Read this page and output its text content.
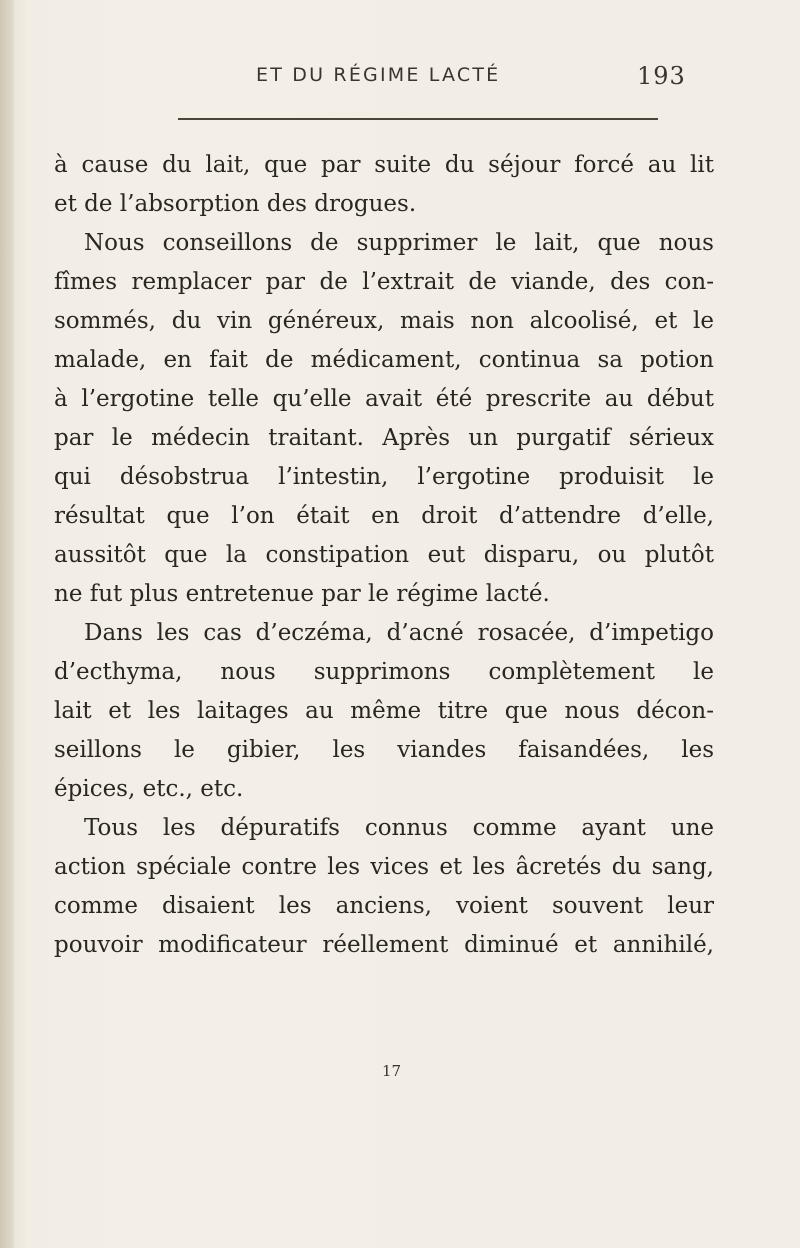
ET DU RÉGIME LACTÉ	193
à cause du lait, que par suite du séjour forcé au lit
et de l’absorption des drogues.
Nous conseillons de supprimer le lait, que nous
fîmes remplacer par de l’extrait de viande, des con-
sommés, du vin généreux, mais non alcoolisé, et le
malade, en fait de médicament, continua sa potion
à l’ergotine telle qu’elle avait été prescrite au début
par le médecin traitant. Après un purgatif sérieux
qui désobstrua l’intestin, l’ergotine produisit le
résultat que l’on était en droit d’attendre d’elle,
aussitôt que la constipation eut disparu, ou plutôt
ne fut plus entretenue par le régime lacté.
Dans les cas d’eczéma, d’acné rosacée, d’impetigo
d’ecthyma, nous supprimons complètement le
lait et les laitages au même titre que nous décon-
seillons le gibier, les viandes faisandées, les
épices, etc., etc.
Tous les dépuratifs connus comme ayant une
action spéciale contre les vices et les âcretés du sang,
comme disaient les anciens, voient souvent leur
pouvoir modificateur réellement diminué et annihilé,
17
